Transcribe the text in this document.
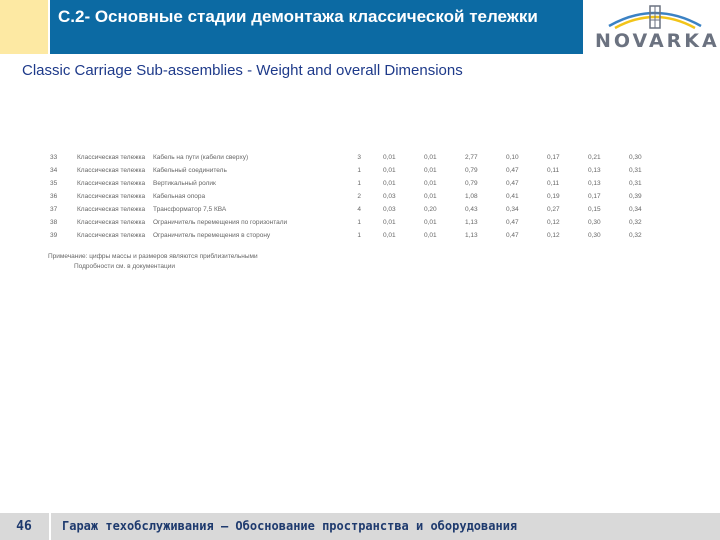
C.2- Основные стадии демонтажа классической тележки
NOVARKA
Classic Carriage Sub-assemblies - Weight and overall Dimensions
33	Классическая тележка	Кабель на пути (кабели сверху)	3	0,01	0,01	2,77	0,10	0,17	0,21	0,30
34	Классическая тележка	Кабельный соединитель	1	0,01	0,01	0,79	0,47	0,11	0,13	0,31
35	Классическая тележка	Вертикальный ролик	1	0,01	0,01	0,79	0,47	0,11	0,13	0,31
36	Классическая тележка	Кабельная опора	2	0,03	0,01	1,08	0,41	0,19	0,17	0,39
37	Классическая тележка	Трансформатор 7,5 КВА	4	0,03	0,20	0,43	0,34	0,27	0,15	0,34
38	Классическая тележка	Ограничитель перемещения по горизонтали	1	0,01	0,01	1,13	0,47	0,12	0,30	0,32
39	Классическая тележка	Ограничитель перемещения в сторону	1	0,01	0,01	1,13	0,47	0,12	0,30	0,32
Примечание: цифры массы и размеров являются приблизительными
Подробности см. в документации
46	Гараж техобслуживания – Обоснование пространства и оборудования
